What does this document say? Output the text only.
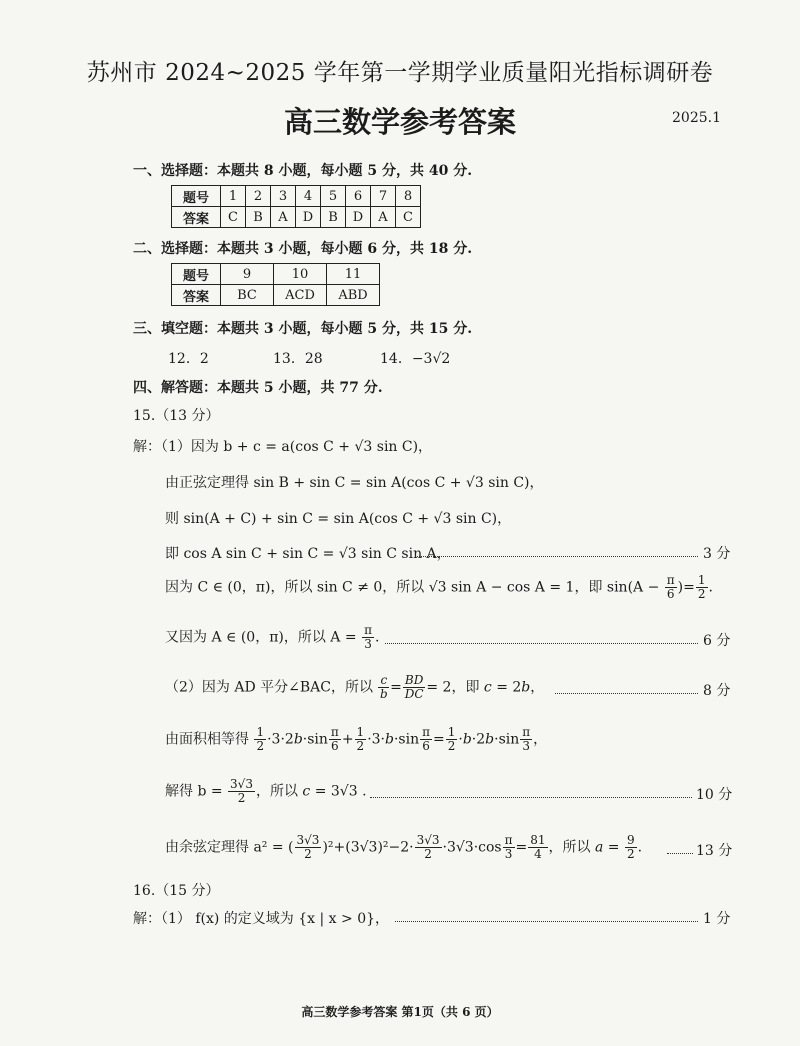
苏州市 2024~2025 学年第一学期学业质量阳光指标调研卷
高三数学参考答案	2025.1
一、选择题：本题共 8 小题，每小题 5 分，共 40 分.
题号	1	2	3	4	5	6	7	8
答案	C	B	A	D	B	D	A	C
二、选择题：本题共 3 小题，每小题 6 分，共 18 分.
题号	9	10	11
答案	BC	ACD	ABD
三、填空题：本题共 3 小题，每小题 5 分，共 15 分.
12．2	13．28	14．−3√2
四、解答题：本题共 5 小题，共 77 分.
15.（13 分）
解：（1）因为 b + c = a(cos C + √3 sin C)，
由正弦定理得 sin B + sin C = sin A(cos C + √3 sin C)，
则 sin(A + C) + sin C = sin A(cos C + √3 sin C)，
即 cos A sin C + sin C = √3 sin C sin A，	3 分
因为 C ∈ (0，π)，所以 sin C ≠ 0，所以 √3 sin A − cos A = 1，即 $\sin(A - \frac{\pi}{6}$ )= $\frac{1}{2}$ .
又因为 A ∈ (0，π)，所以 $A = \frac{\pi}{3}$ .	6 分
（2）因为 AD 平分∠BAC，所以 $\frac{c}{b} = \frac{BD}{DC} = 2$，即 c = 2b，	8 分
由面积相等得 $\frac{1}{2} \cdot 3\cdot 2b\cdot\sin \frac{\pi}{6} + \frac{1}{2} \cdot 3\cdot b\cdot\sin \frac{\pi}{6} = \frac{1}{2} \cdot b\cdot 2b\cdot\sin \frac{\pi}{3}$ ，
解得 $b = \frac{3√3}{2}$ ，所以 c = 3√3 .	10 分
由余弦定理得 a² = ( $\frac{3√3}{2} )^2+(3√3)^2-2\cdot \frac{3√3}{2} \cdot 3√3\cdot\cos \frac{\pi}{3} = \frac{81}{4}$ ，所以 $a = \frac{9}{2}$ .	13 分
16.（15 分）
解：（1） f(x) 的定义域为 {x | x > 0}，	1 分
高三数学参考答案 第1页（共 6 页）
